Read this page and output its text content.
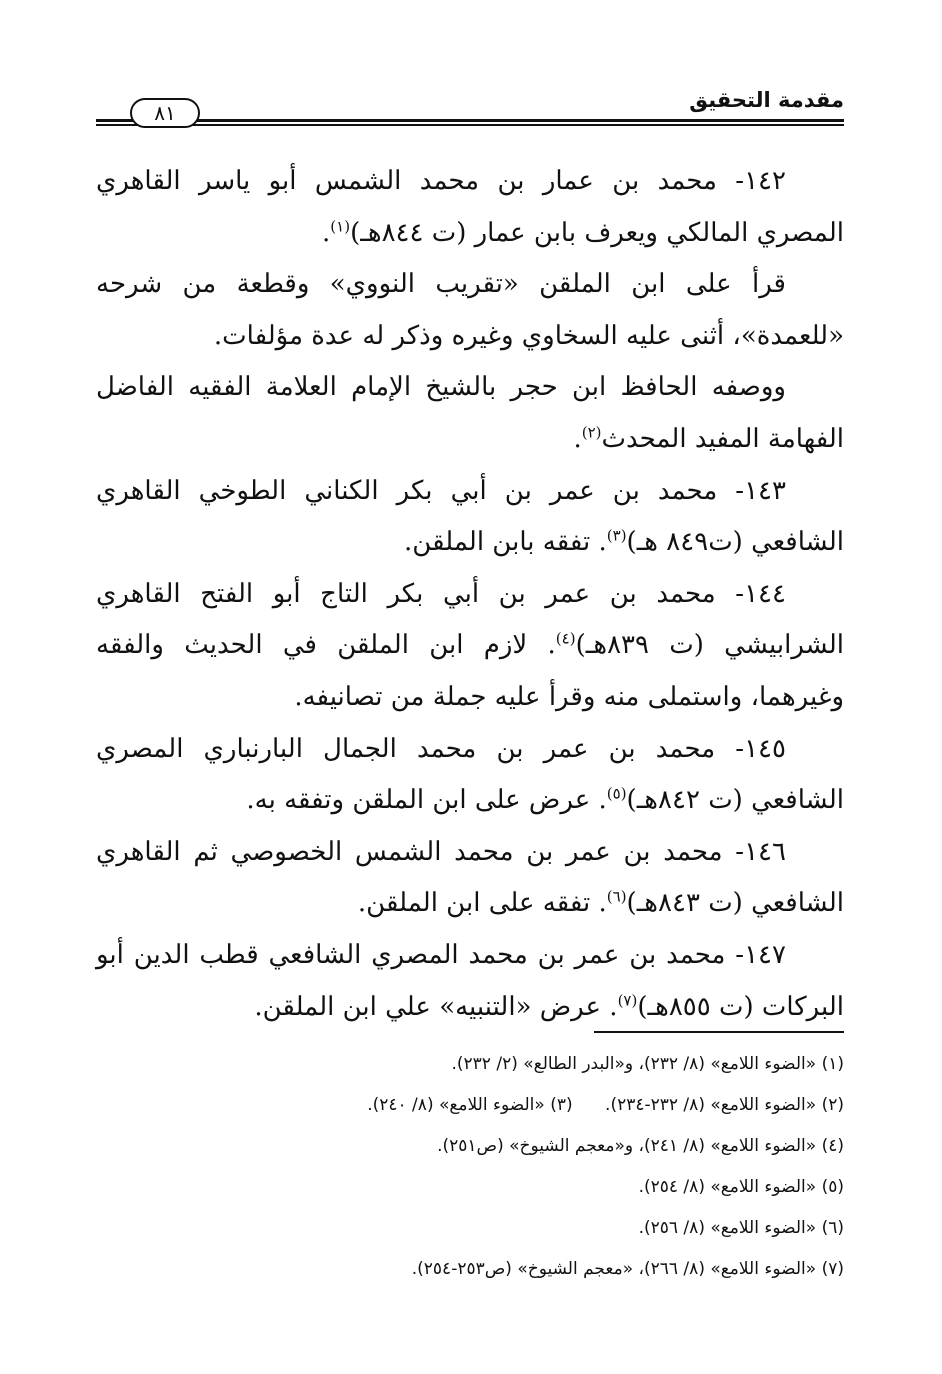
مقدمة التحقيق
٨١

١٤٢- محمد بن عمار بن محمد الشمس أبو ياسر القاهري المصري المالكي ويعرف بابن عمار (ت ٨٤٤هـ)$^{(١)}$.

قرأ على ابن الملقن «تقريب النووي» وقطعة من شرحه «للعمدة»، أثنى عليه السخاوي وغيره وذكر له عدة مؤلفات.

ووصفه الحافظ ابن حجر بالشيخ الإمام العلامة الفقيه الفاضل الفهامة المفيد المحدث$^{(٢)}$.

١٤٣- محمد بن عمر بن أبي بكر الكناني الطوخي القاهري الشافعي (ت٨٤٩ هـ)$^{(٣)}$. تفقه بابن الملقن.

١٤٤- محمد بن عمر بن أبي بكر التاج أبو الفتح القاهري الشرابيشي (ت ٨٣٩هـ)$^{(٤)}$. لازم ابن الملقن في الحديث والفقه وغيرهما، واستملى منه وقرأ عليه جملة من تصانيفه.

١٤٥- محمد بن عمر بن محمد الجمال البارنباري المصري الشافعي (ت ٨٤٢هـ)$^{(٥)}$. عرض على ابن الملقن وتفقه به.

١٤٦- محمد بن عمر بن محمد الشمس الخصوصي ثم القاهري الشافعي (ت ٨٤٣هـ)$^{(٦)}$. تفقه على ابن الملقن.

١٤٧- محمد بن عمر بن محمد المصري الشافعي قطب الدين أبو البركات (ت ٨٥٥هـ)$^{(٧)}$. عرض «التنبيه» علي ابن الملقن.

(١) «الضوء اللامع» (٨/ ٢٣٢)، و«البدر الطالع» (٢/ ٢٣٢).

(٢) «الضوء اللامع» (٨/ ٢٣٢-٢٣٤).      (٣) «الضوء اللامع» (٨/ ٢٤٠).

(٤) «الضوء اللامع» (٨/ ٢٤١)، و«معجم الشيوخ» (ص٢٥١).

(٥) «الضوء اللامع» (٨/ ٢٥٤).

(٦) «الضوء اللامع» (٨/ ٢٥٦).

(٧) «الضوء اللامع» (٨/ ٢٦٦)، «معجم الشيوخ» (ص٢٥٣-٢٥٤).
